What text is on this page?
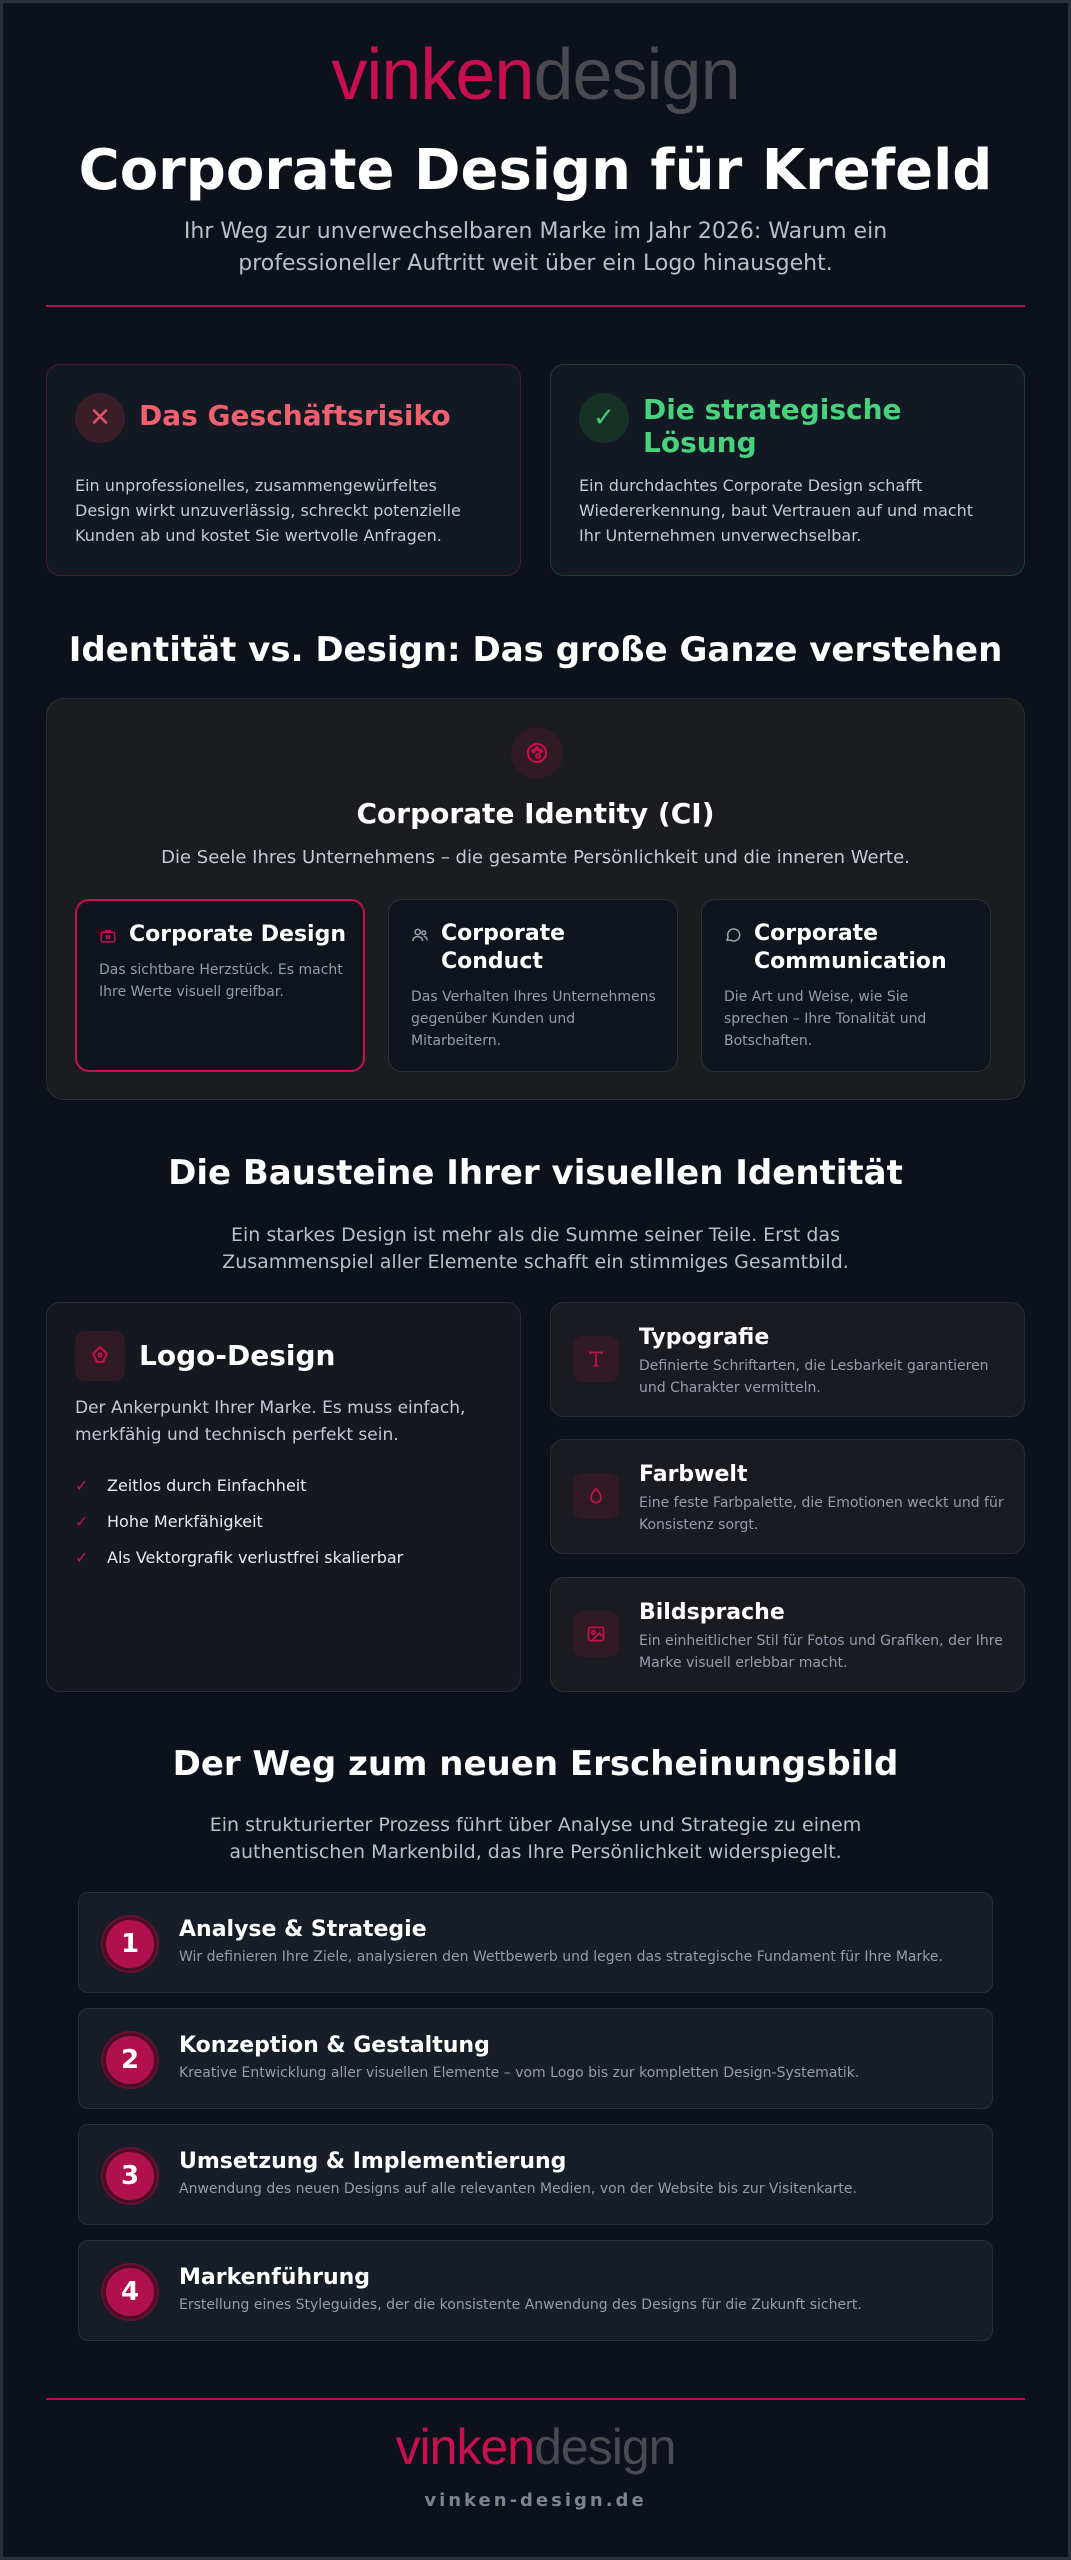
vinkendesign
Corporate Design für Krefeld

Ihr Weg zur unverwechselbaren Marke im Jahr 2026: Warum ein professioneller Auftritt weit über ein Logo hinausgeht.

✕	Das Geschäftsrisiko

Ein unprofessionelles, zusammengewürfeltes Design wirkt unzuverlässig, schreckt potenzielle Kunden ab und kostet Sie wertvolle Anfragen.

✓	Die strategische Lösung

Ein durchdachtes Corporate Design schafft Wiedererkennung, baut Vertrauen auf und macht Ihr Unternehmen unverwechselbar.

Identität vs. Design: Das große Ganze verstehen
Corporate Identity (CI)
Die Seele Ihres Unternehmens – die gesamte Persönlichkeit und die inneren Werte.
Corporate Design

Das sichtbare Herzstück. Es macht Ihre Werte visuell greifbar.

Corporate Conduct

Das Verhalten Ihres Unternehmens gegenüber Kunden und Mitarbeitern.

Corporate Communication

Die Art und Weise, wie Sie sprechen – Ihre Tonalität und Botschaften.

Die Bausteine Ihrer visuellen Identität

Ein starkes Design ist mehr als die Summe seiner Teile. Erst das Zusammenspiel aller Elemente schafft ein stimmiges Gesamtbild.

Logo-Design

Der Ankerpunkt Ihrer Marke. Es muss einfach, merkfähig und technisch perfekt sein.

✓	Zeitlos durch Einfachheit
✓	Hohe Merkfähigkeit
✓	Als Vektorgrafik verlustfrei skalierbar
Typografie

Definierte Schriftarten, die Lesbarkeit garantieren und Charakter vermitteln.

Farbwelt

Eine feste Farbpalette, die Emotionen weckt und für Konsistenz sorgt.

Bildsprache

Ein einheitlicher Stil für Fotos und Grafiken, der Ihre Marke visuell erlebbar macht.

Der Weg zum neuen Erscheinungsbild

Ein strukturierter Prozess führt über Analyse und Strategie zu einem authentischen Markenbild, das Ihre Persönlichkeit widerspiegelt.

1	Analyse & Strategie

Wir definieren Ihre Ziele, analysieren den Wettbewerb und legen das strategische Fundament für Ihre Marke.

2	Konzeption & Gestaltung

Kreative Entwicklung aller visuellen Elemente – vom Logo bis zur kompletten Design-Systematik.

3	Umsetzung & Implementierung

Anwendung des neuen Designs auf alle relevanten Medien, von der Website bis zur Visitenkarte.

4	Markenführung

Erstellung eines Styleguides, der die konsistente Anwendung des Designs für die Zukunft sichert.

vinkendesign
vinken-design.de
